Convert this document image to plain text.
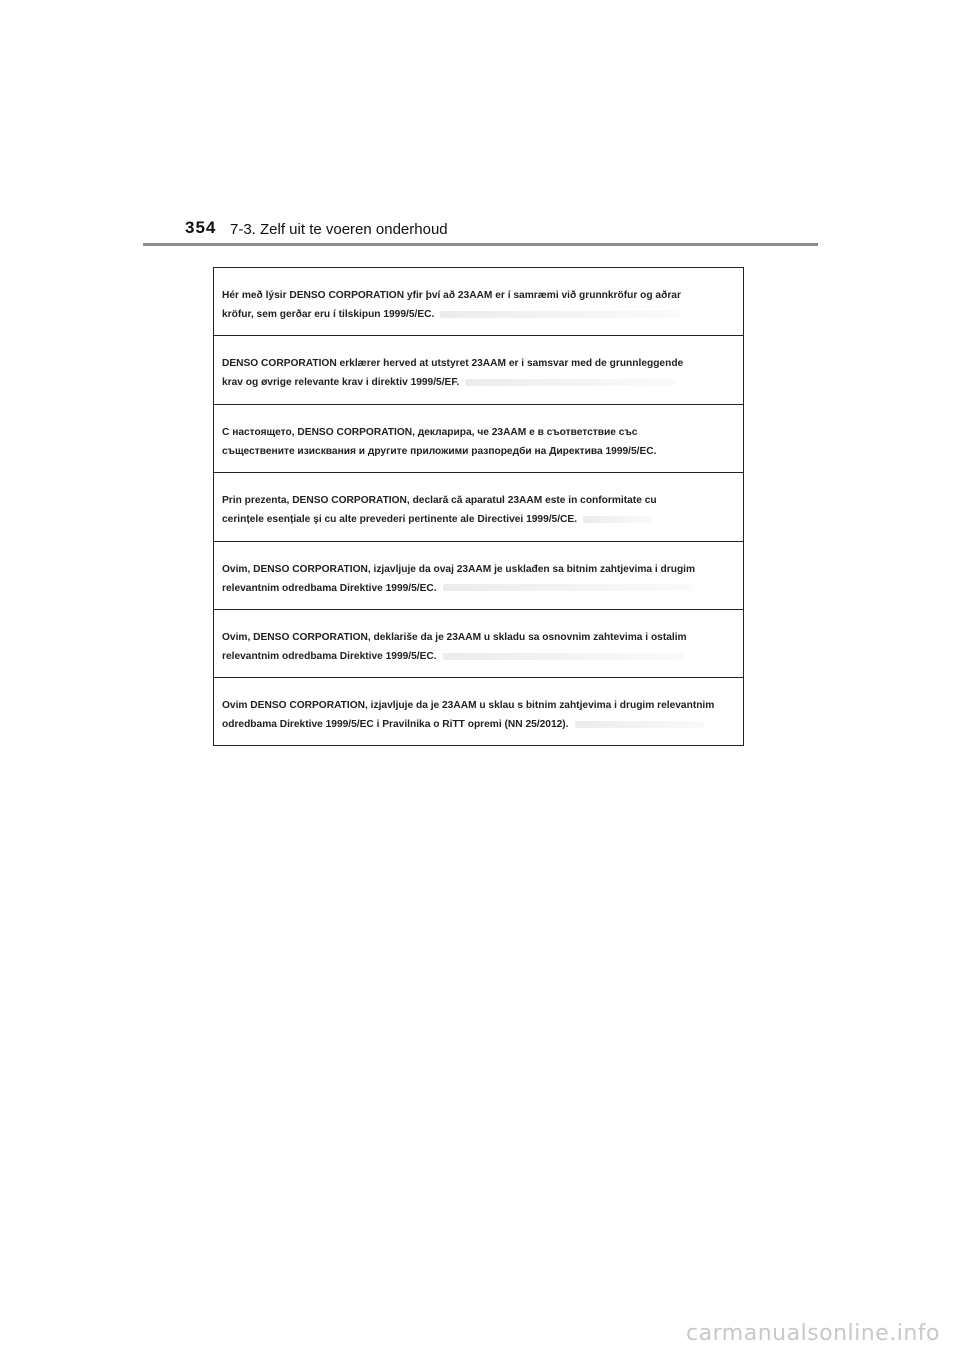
354 7-3. Zelf uit te voeren onderhoud
Hér með lýsir DENSO CORPORATION yfir því að 23AAM er í samræmi við grunnkröfur og aðrar
kröfur, sem gerðar eru í tilskipun 1999/5/EC.
DENSO CORPORATION erklærer herved at utstyret 23AAM er i samsvar med de grunnleggende
krav og øvrige relevante krav i direktiv 1999/5/EF.
С настоящето, DENSO CORPORATION, декларира, че 23AAM е в съответствие със
съществените изисквания и другите приложими разпоредби на Директива 1999/5/EC.
Prin prezenta, DENSO CORPORATION, declară că aparatul 23AAM este in conformitate cu
cerințele esențiale şi cu alte prevederi pertinente ale Directivei 1999/5/CE.
Ovim, DENSO CORPORATION, izjavljuje da ovaj 23AAM je usklađen sa bitnim zahtjevima i drugim
relevantnim odredbama Direktive 1999/5/EC.
Ovim, DENSO CORPORATION, deklariše da je 23AAM u skladu sa osnovnim zahtevima i ostalim
relevantnim odredbama Direktive 1999/5/EC.
Ovim DENSO CORPORATION, izjavljuje da je 23AAM u sklau s bitnim zahtjevima i drugim relevantnim
odredbama Direktive 1999/5/EC i Pravilnika o RiTT opremi (NN 25/2012).
carmanualsonline.info
